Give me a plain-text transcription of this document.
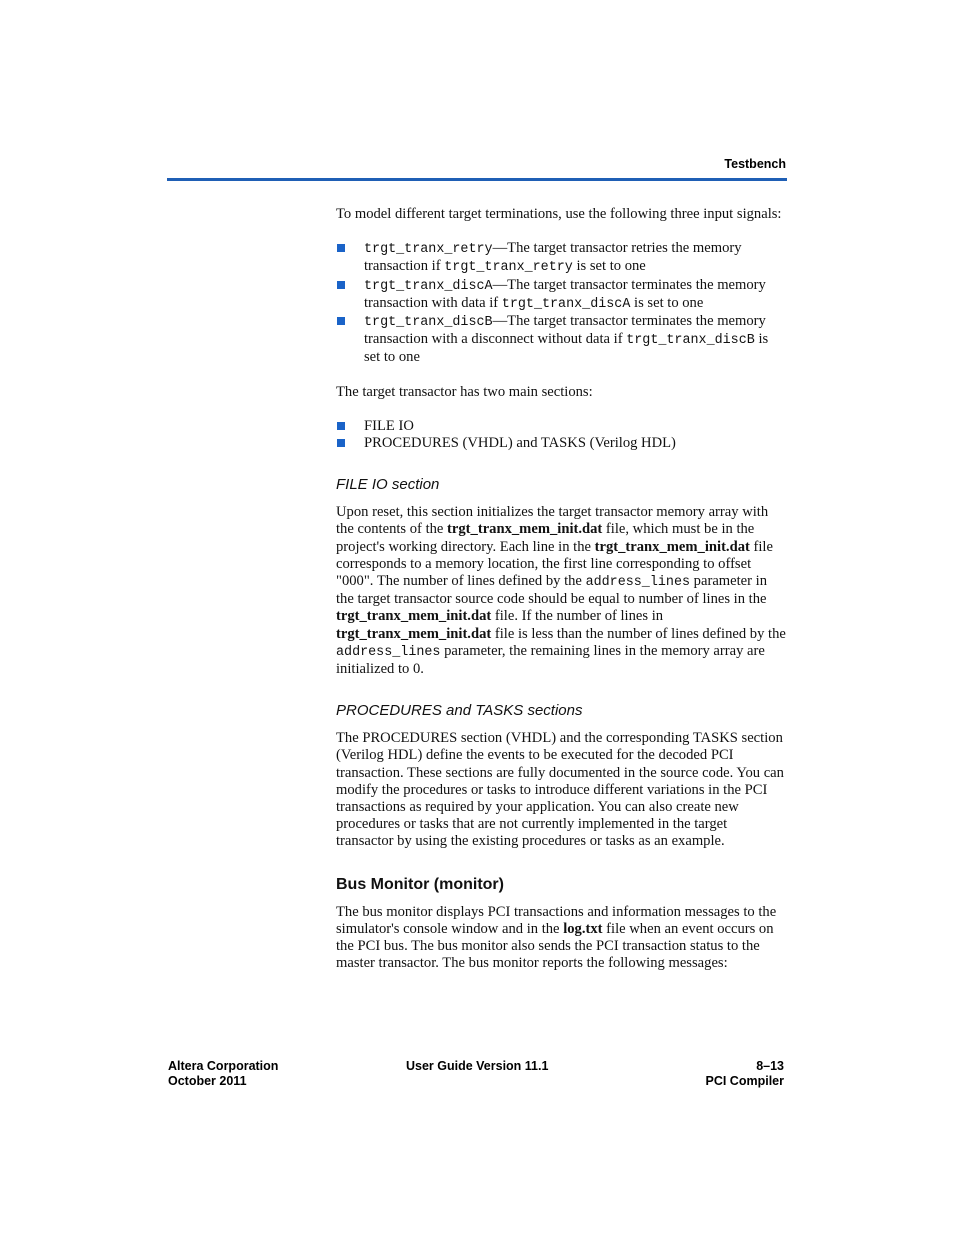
Testbench

To model different target terminations, use the following three input signals:

trgt_tranx_retry—The target transactor retries the memory transaction if trgt_tranx_retry is set to one
trgt_tranx_discA—The target transactor terminates the memory transaction with data if trgt_tranx_discA is set to one
trgt_tranx_discB—The target transactor terminates the memory transaction with a disconnect without data if trgt_tranx_discB is set to one

The target transactor has two main sections:

FILE IO
PROCEDURES (VHDL) and TASKS (Verilog HDL)
FILE IO section

Upon reset, this section initializes the target transactor memory array with the contents of the trgt_tranx_mem_init.dat file, which must be in the project's working directory. Each line in the trgt_tranx_mem_init.dat file corresponds to a memory location, the first line corresponding to offset "000". The number of lines defined by the address_lines parameter in the target transactor source code should be equal to number of lines in the trgt_tranx_mem_init.dat file. If the number of lines in trgt_tranx_mem_init.dat file is less than the number of lines defined by the address_lines parameter, the remaining lines in the memory array are initialized to 0.

PROCEDURES and TASKS sections

The PROCEDURES section (VHDL) and the corresponding TASKS section (Verilog HDL) define the events to be executed for the decoded PCI transaction. These sections are fully documented in the source code. You can modify the procedures or tasks to introduce different variations in the PCI transactions as required by your application. You can also create new procedures or tasks that are not currently implemented in the target transactor by using the existing procedures or tasks as an example.

Bus Monitor (monitor)

The bus monitor displays PCI transactions and information messages to the simulator's console window and in the log.txt file when an event occurs on the PCI bus. The bus monitor also sends the PCI transaction status to the master transactor. The bus monitor reports the following messages:

Altera Corporation
October 2011
User Guide Version 11.1	8–13
PCI Compiler
